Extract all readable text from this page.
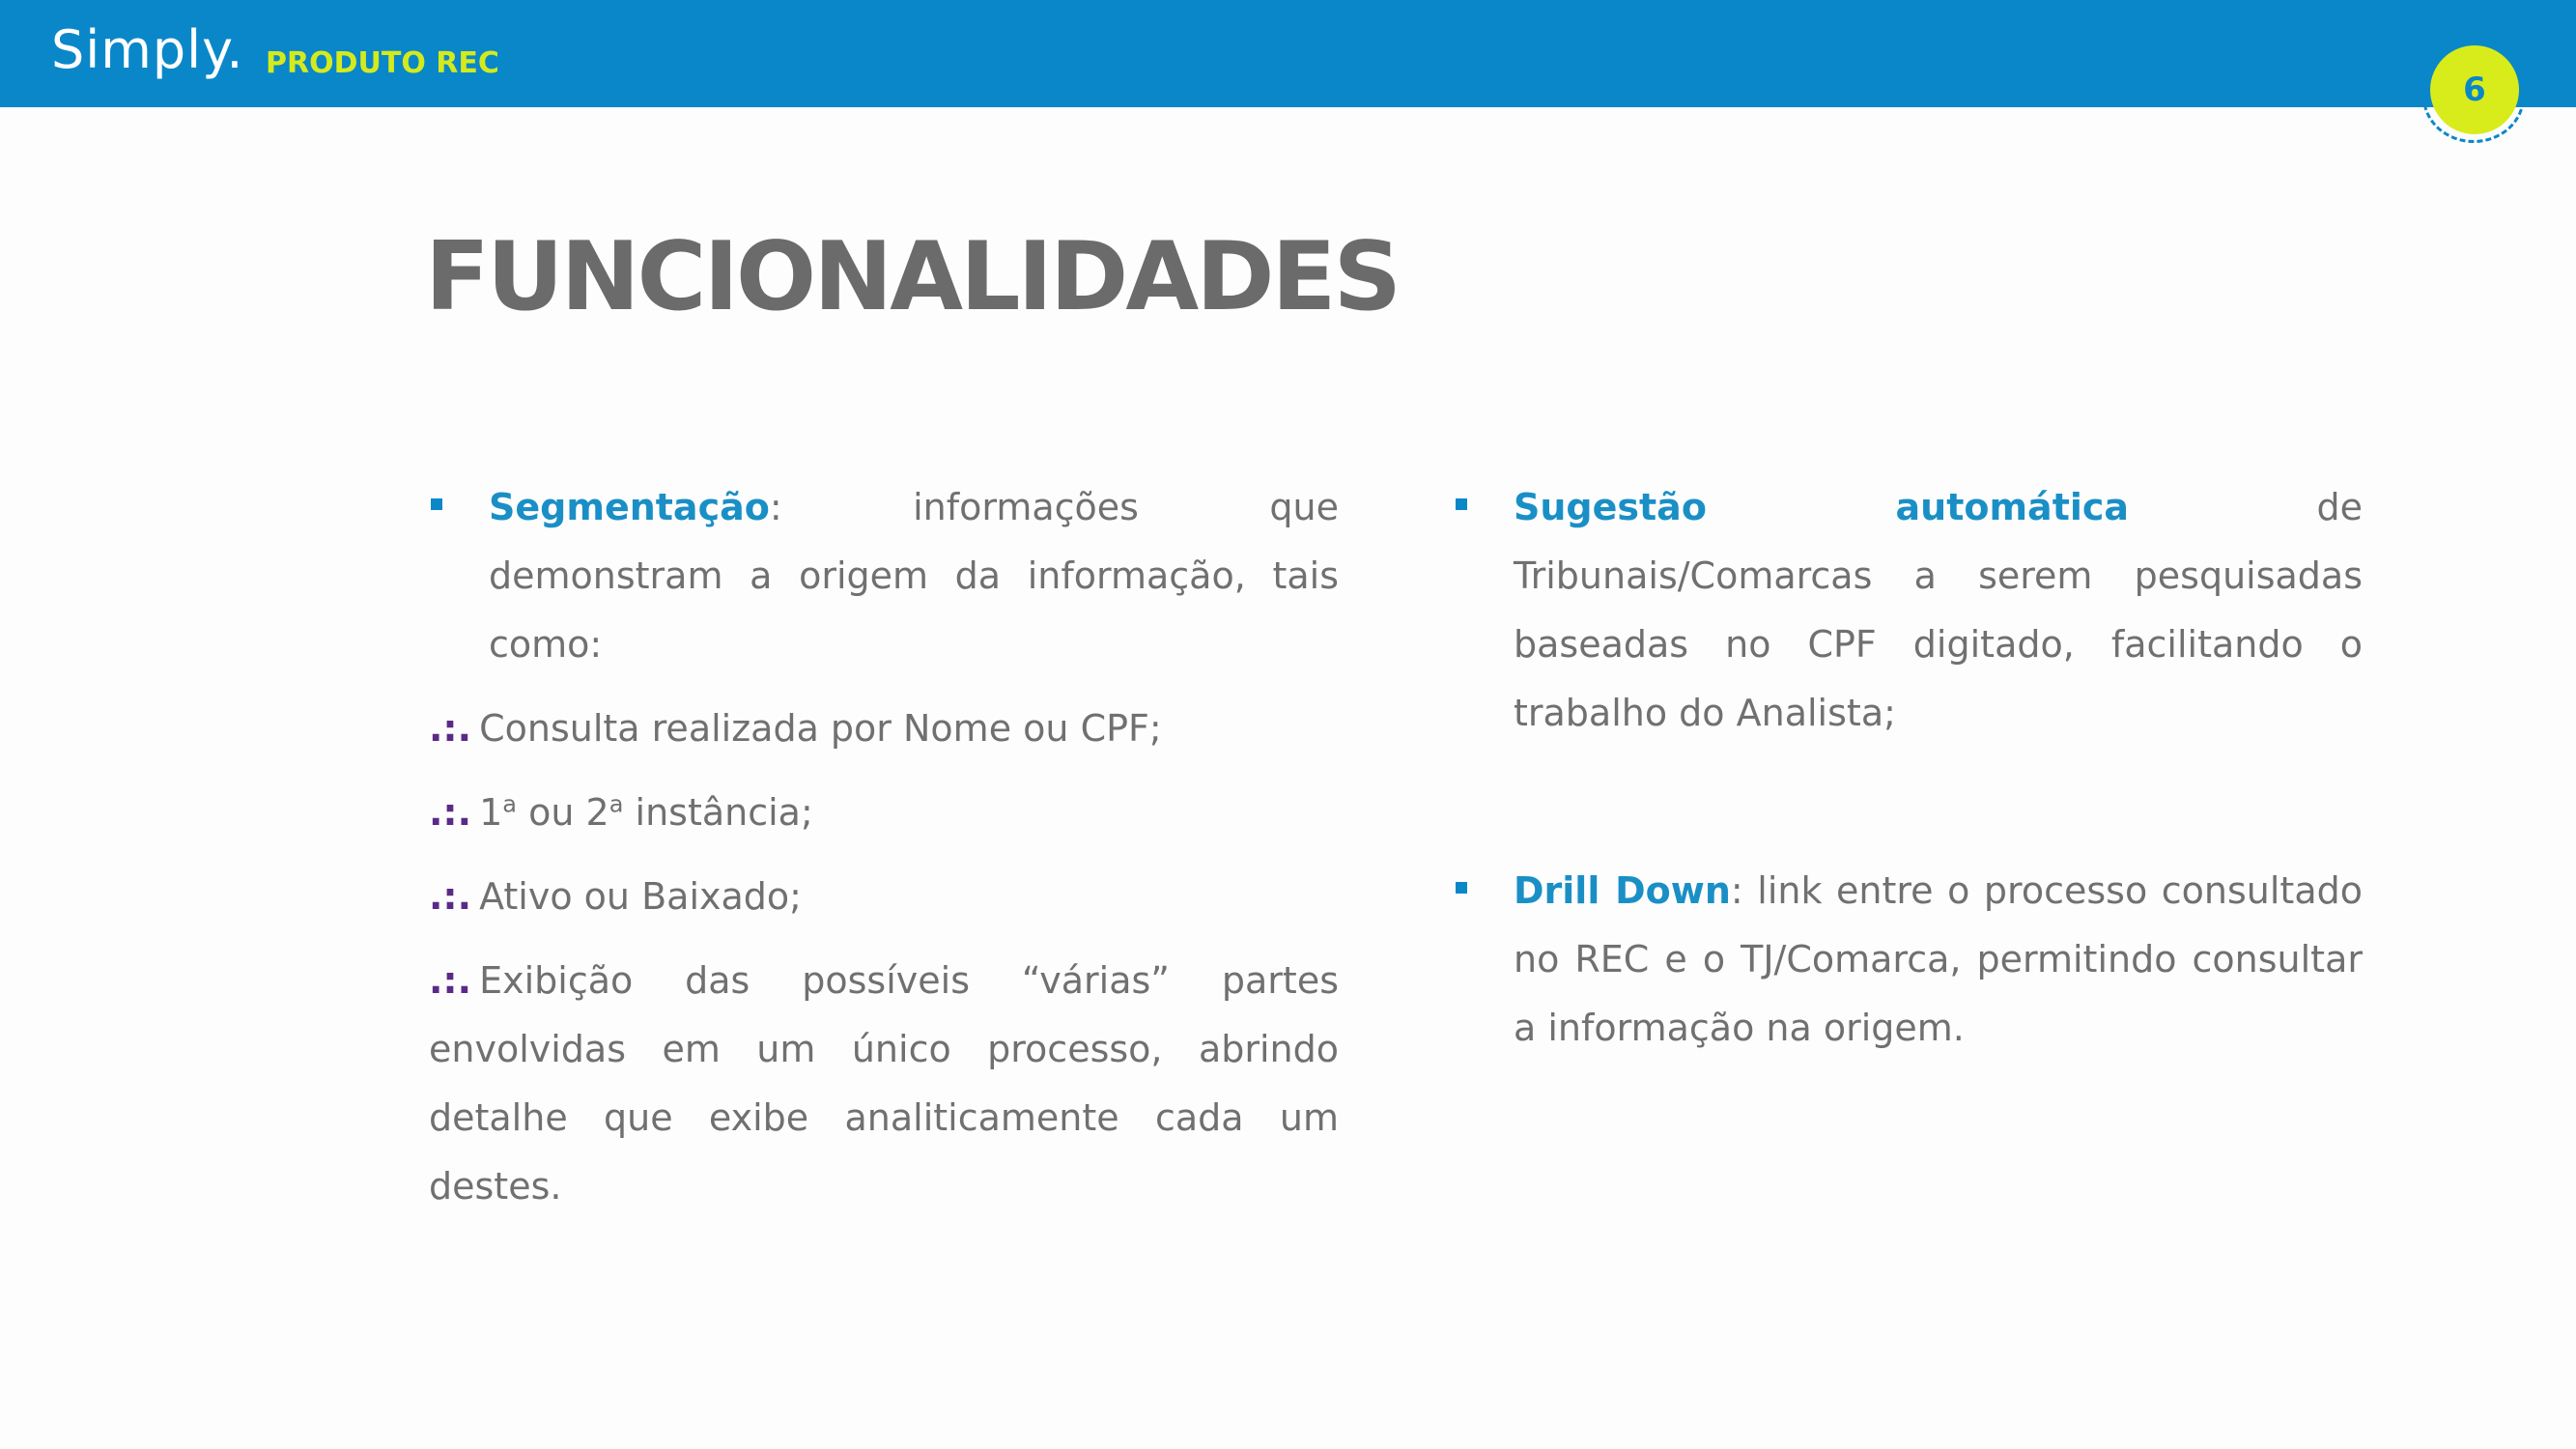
Simply. PRODUTO REC
6
FUNCIONALIDADES
Segmentação: informações que demonstram a origem da informação, tais como:
.:. Consulta realizada por Nome ou CPF;
.:. 1$^a$ ou 2$^a$ instância;
.:. Ativo ou Baixado;
.:. Exibição das possíveis “várias” partes envolvidas em um único processo, abrindo detalhe que exibe analiticamente cada um destes.
Sugestão automática de Tribunais/Comarcas a serem pesquisadas baseadas no CPF digitado, facilitando o trabalho do Analista;
Drill Down: link entre o processo consultado no REC e o TJ/Comarca, permitindo consultar a informação na origem.
